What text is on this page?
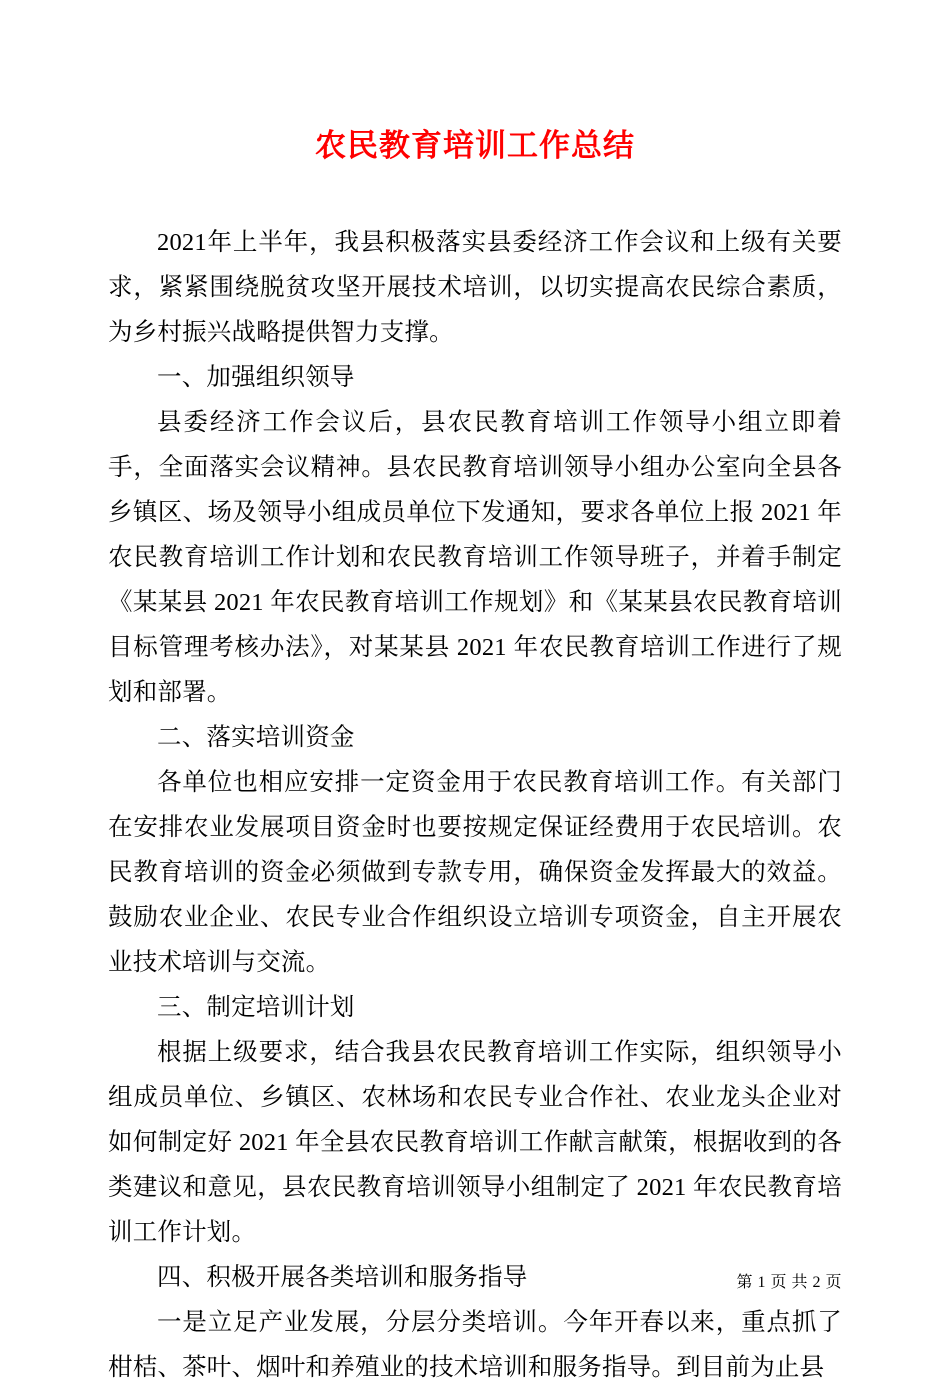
农民教育培训工作总结

2021年上半年，我县积极落实县委经济工作会议和上级有关要求，紧紧围绕脱贫攻坚开展技术培训，以切实提高农民综合素质，为乡村振兴战略提供智力支撑。

一、加强组织领导

县委经济工作会议后，县农民教育培训工作领导小组立即着手，全面落实会议精神。县农民教育培训领导小组办公室向全县各乡镇区、场及领导小组成员单位下发通知，要求各单位上报 2021 年农民教育培训工作计划和农民教育培训工作领导班子，并着手制定《某某县 2021 年农民教育培训工作规划》和《某某县农民教育培训目标管理考核办法》，对某某县 2021 年农民教育培训工作进行了规划和部署。

二、落实培训资金

各单位也相应安排一定资金用于农民教育培训工作。有关部门在安排农业发展项目资金时也要按规定保证经费用于农民培训。农民教育培训的资金必须做到专款专用，确保资金发挥最大的效益。鼓励农业企业、农民专业合作组织设立培训专项资金，自主开展农业技术培训与交流。

三、制定培训计划

根据上级要求，结合我县农民教育培训工作实际，组织领导小组成员单位、乡镇区、农林场和农民专业合作社、农业龙头企业对如何制定好 2021 年全县农民教育培训工作献言献策，根据收到的各类建议和意见，县农民教育培训领导小组制定了 2021 年农民教育培训工作计划。

四、积极开展各类培训和服务指导

一是立足产业发展，分层分类培训。今年开春以来，重点抓了柑桔、茶叶、烟叶和养殖业的技术培训和服务指导。到目前为止县

第 1 页 共 2 页
